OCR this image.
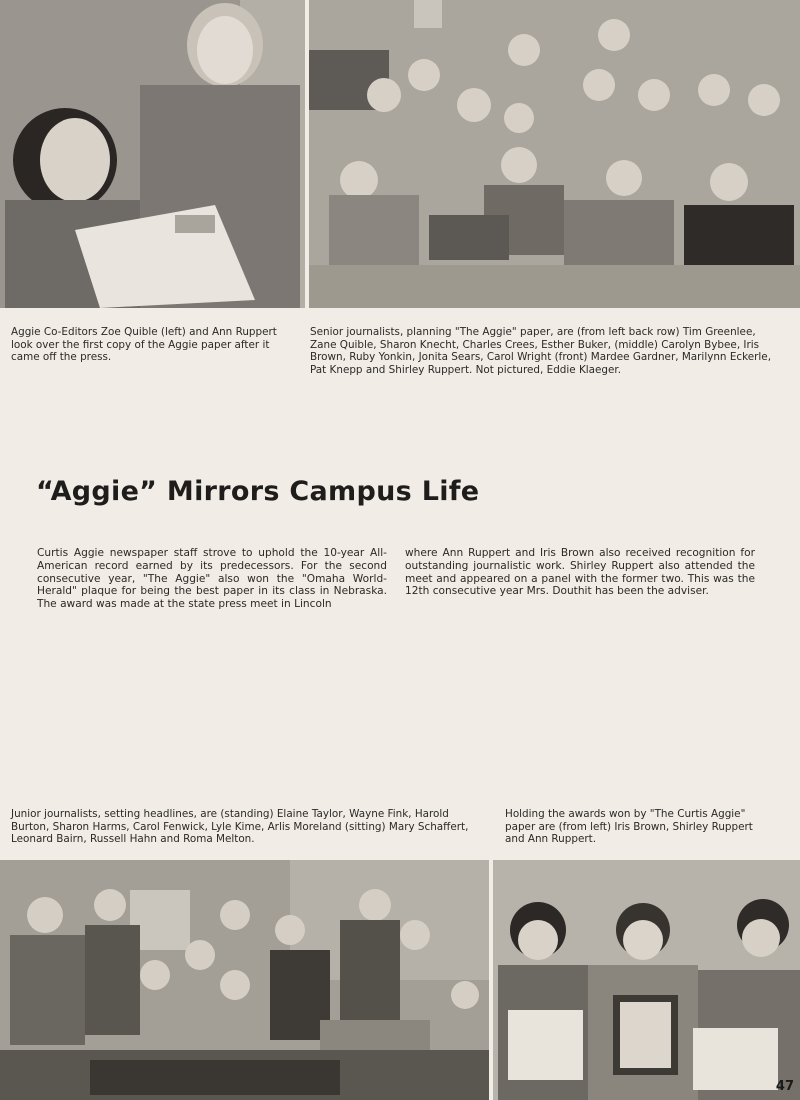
Aggie Co-Editors Zoe Quible (left) and Ann Ruppert look over the first copy of the Aggie paper after it came off the press.

Senior journalists, planning "The Aggie" paper, are (from left back row) Tim Greenlee, Zane Quible, Sharon Knecht, Charles Crees, Esther Buker, (middle) Carolyn Bybee, Iris Brown, Ruby Yonkin, Jonita Sears, Carol Wright (front) Mardee Gardner, Marilynn Eckerle, Pat Knepp and Shirley Ruppert. Not pictured, Eddie Klaeger.

“Aggie” Mirrors Campus Life

Curtis Aggie newspaper staff strove to uphold the 10-year All-American record earned by its predecessors. For the second consecutive year, "The Aggie" also won the "Omaha World-Herald" plaque for being the best paper in its class in Nebraska. The award was made at the state press meet in Lincoln

where Ann Ruppert and Iris Brown also received recognition for outstanding journalistic work. Shirley Ruppert also attended the meet and appeared on a panel with the former two. This was the 12th consecutive year Mrs. Douthit has been the adviser.

Junior journalists, setting headlines, are (standing) Elaine Taylor, Wayne Fink, Harold Burton, Sharon Harms, Carol Fenwick, Lyle Kime, Arlis Moreland (sitting) Mary Schaffert, Leonard Bairn, Russell Hahn and Roma Melton.

Holding the awards won by "The Curtis Aggie" paper are (from left) Iris Brown, Shirley Ruppert and Ann Ruppert.

47
